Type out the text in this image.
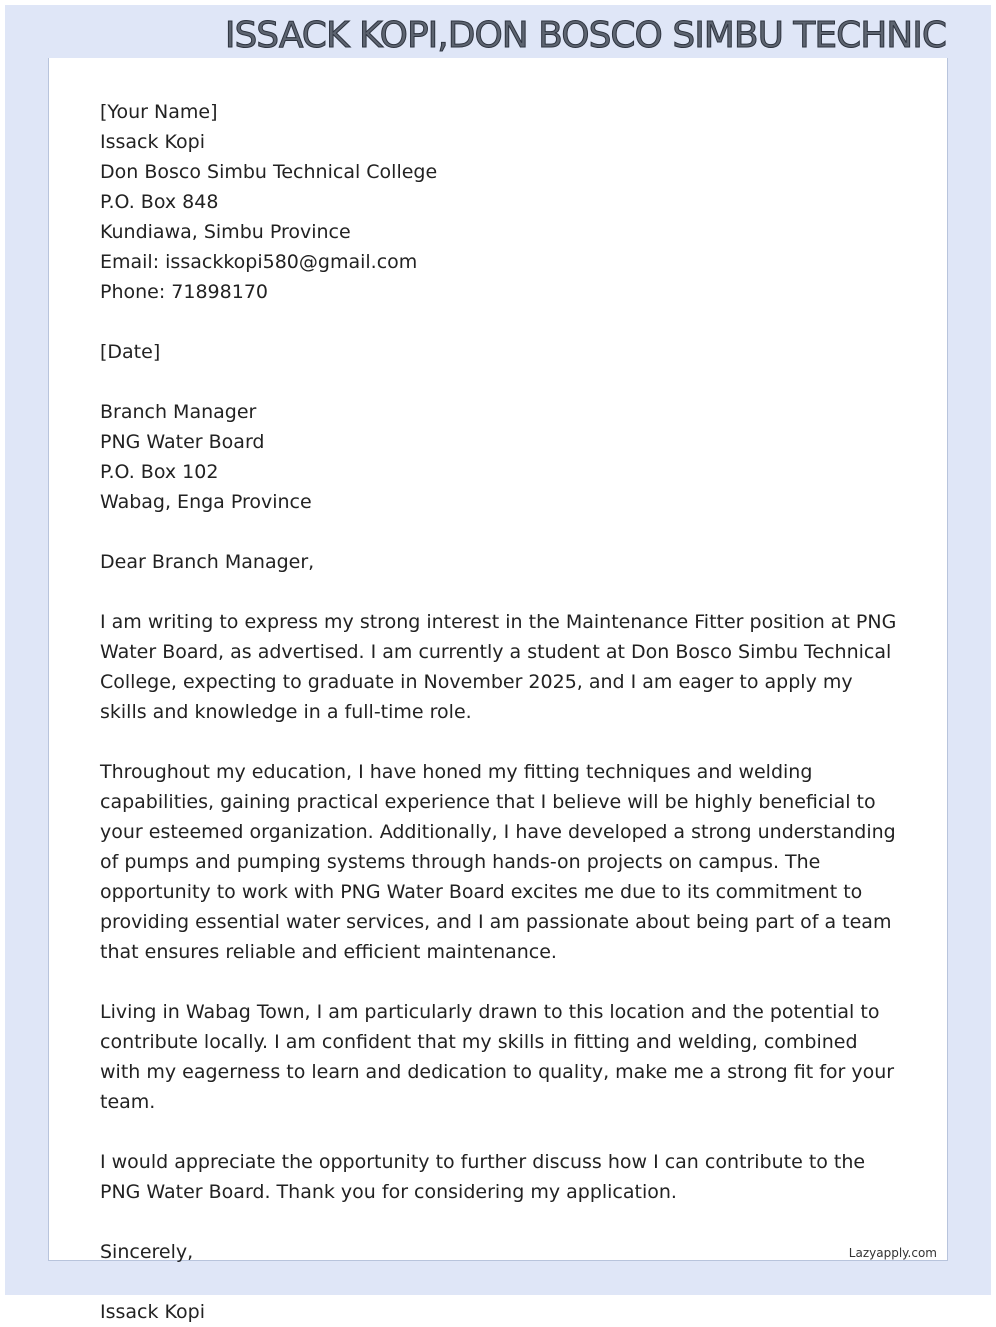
ISSACK KOPI,DON BOSCO SIMBU TECHNIC
[Your Name]
Issack Kopi
Don Bosco Simbu Technical College
P.O. Box 848
Kundiawa, Simbu Province
Email: issackkopi580@gmail.com
Phone: 71898170
[Date]
Branch Manager
PNG Water Board
P.O. Box 102
Wabag, Enga Province
Dear Branch Manager,

I am writing to express my strong interest in the Maintenance Fitter position at PNG Water Board, as advertised. I am currently a student at Don Bosco Simbu Technical College, expecting to graduate in November 2025, and I am eager to apply my skills and knowledge in a full-time role.

Throughout my education, I have honed my fitting techniques and welding capabilities, gaining practical experience that I believe will be highly beneficial to your esteemed organization. Additionally, I have developed a strong understanding of pumps and pumping systems through hands-on projects on campus. The opportunity to work with PNG Water Board excites me due to its commitment to providing essential water services, and I am passionate about being part of a team that ensures reliable and efficient maintenance.

Living in Wabag Town, I am particularly drawn to this location and the potential to contribute locally. I am confident that my skills in fitting and welding, combined with my eagerness to learn and dedication to quality, make me a strong fit for your team.

I would appreciate the opportunity to further discuss how I can contribute to the PNG Water Board. Thank you for considering my application.

Sincerely,
Issack Kopi
Lazyapply.com
